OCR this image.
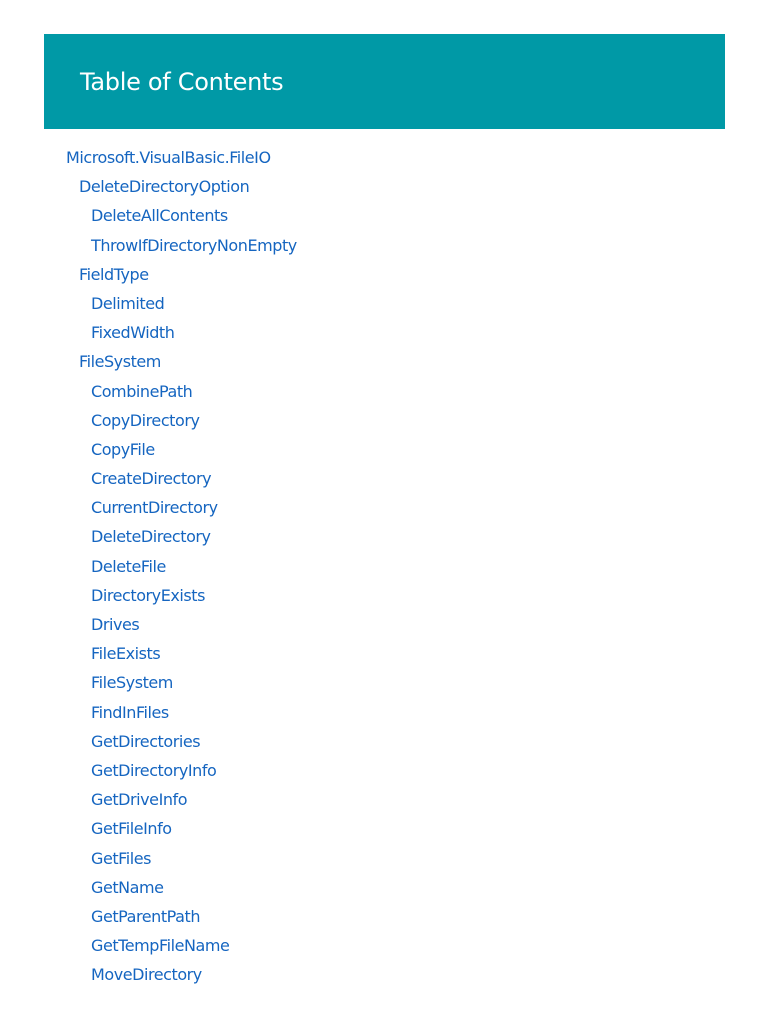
Table of Contents
Microsoft.VisualBasic.FileIO
DeleteDirectoryOption
DeleteAllContents
ThrowIfDirectoryNonEmpty
FieldType
Delimited
FixedWidth
FileSystem
CombinePath
CopyDirectory
CopyFile
CreateDirectory
CurrentDirectory
DeleteDirectory
DeleteFile
DirectoryExists
Drives
FileExists
FileSystem
FindInFiles
GetDirectories
GetDirectoryInfo
GetDriveInfo
GetFileInfo
GetFiles
GetName
GetParentPath
GetTempFileName
MoveDirectory
